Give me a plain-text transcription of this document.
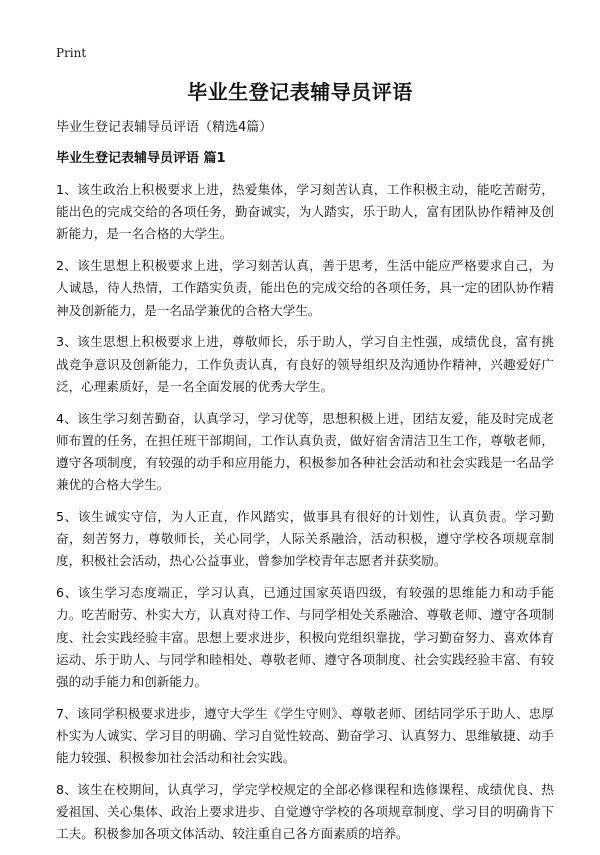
Print
毕业生登记表辅导员评语
毕业生登记表辅导员评语（精选4篇）
毕业生登记表辅导员评语 篇1

1、该生政治上积极要求上进，热爱集体，学习刻苦认真，工作积极主动，能吃苦耐劳，能出色的完成交给的各项任务，勤奋诚实，为人踏实，乐于助人，富有团队协作精神及创新能力，是一名合格的大学生。

2、该生思想上积极要求上进，学习刻苦认真，善于思考，生活中能应严格要求自己，为人诚恳，待人热情，工作踏实负责，能出色的完成交给的各项任务，具一定的团队协作精神及创新能力，是一名品学兼优的合格大学生。

3、该生思想上积极要求上进，尊敬师长，乐于助人，学习自主性强，成绩优良，富有挑战竞争意识及创新能力，工作负责认真，有良好的领导组织及沟通协作精神，兴趣爱好广泛，心理素质好，是一名全面发展的优秀大学生。

4、该生学习刻苦勤奋，认真学习，学习优等，思想积极上进，团结友爱，能及时完成老师布置的任务，在担任班干部期间，工作认真负责，做好宿舍清洁卫生工作，尊敬老师，遵守各项制度，有较强的动手和应用能力，积极参加各种社会活动和社会实践是一名品学兼优的合格大学生。

5、该生诚实守信，为人正直，作风踏实，做事具有很好的计划性，认真负责。学习勤奋，刻苦努力，尊敬师长，关心同学，人际关系融洽，活动积极，遵守学校各项规章制度，积极社会活动，热心公益事业，曾参加学校青年志愿者并获奖励。

6、该生学习态度端正，学习认真，已通过国家英语四级，有较强的思维能力和动手能力。吃苦耐劳、朴实大方，认真对待工作、与同学相处关系融洽、尊敬老师、遵守各项制度、社会实践经验丰富。思想上要求进步，积极向党组织靠拢，学习勤奋努力、喜欢体育运动、乐于助人、与同学和睦相处、尊敬老师、遵守各项制度、社会实践经验丰富、有较强的动手能力和创新能力。

7、该同学积极要求进步，遵守大学生《学生守则》、尊敬老师、团结同学乐于助人、忠厚朴实为人诚实、学习目的明确、学习自觉性较高、勤奋学习、认真努力、思维敏捷、动手能力较强、积极参加社会活动和社会实践。

8、该生在校期间，认真学习，学完学校规定的全部必修课程和选修课程、成绩优良、热爱祖国、关心集体、政治上要求进步、自觉遵守学校的各项规章制度、学习目的明确肯下工夫。积极参加各项文体活动、较注重自己各方面素质的培养。
